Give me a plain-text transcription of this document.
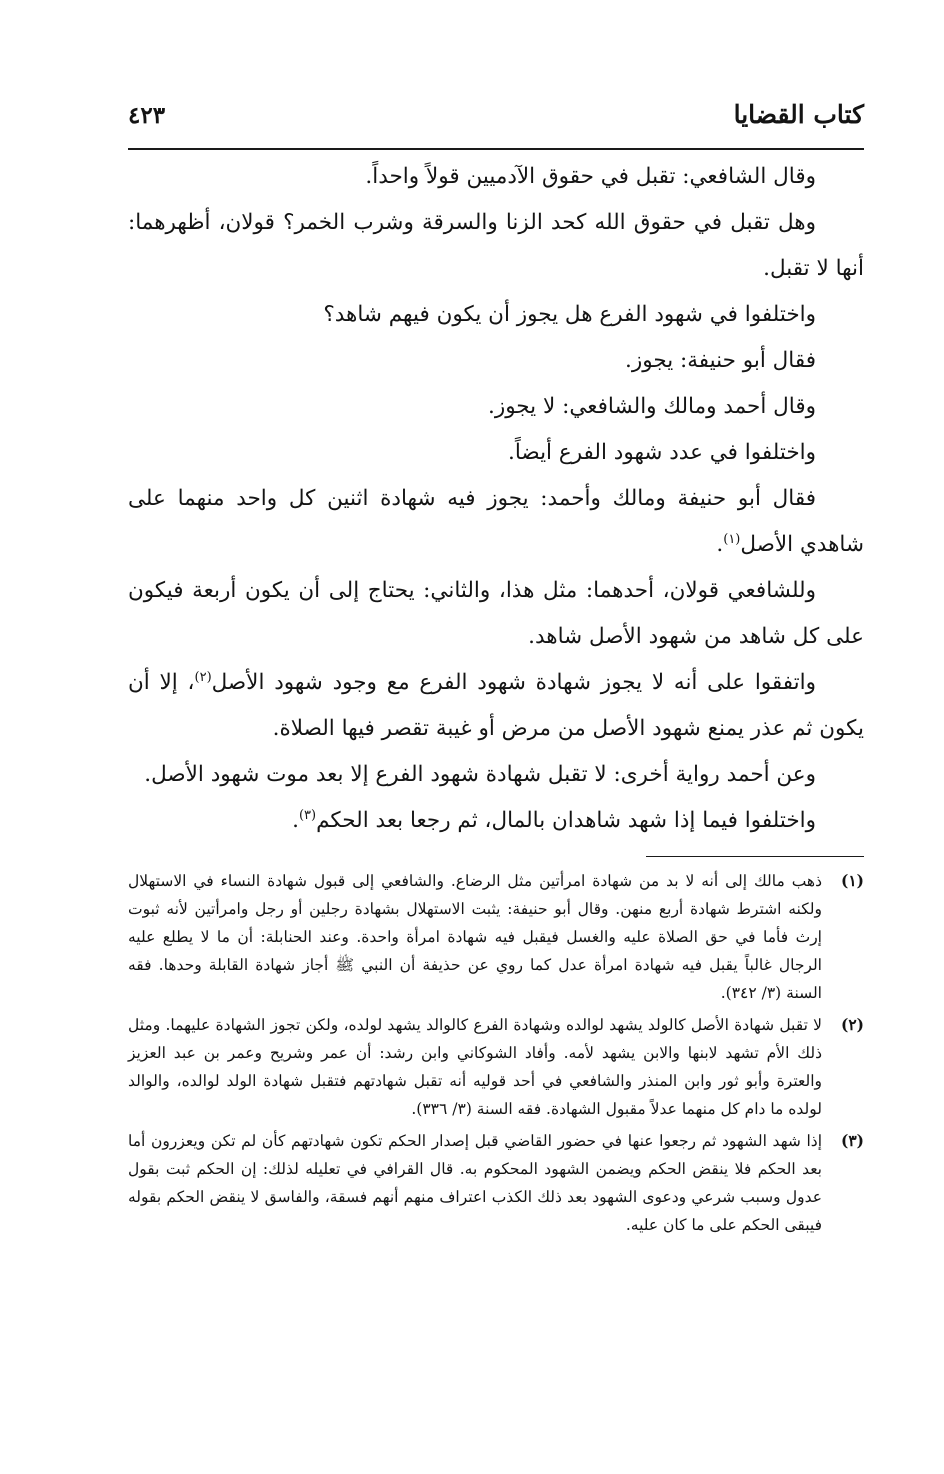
كتاب القضايا
٤٢٣

وقال الشافعي: تقبل في حقوق الآدميين قولاً واحداً.

وهل تقبل في حقوق الله كحد الزنا والسرقة وشرب الخمر؟ قولان، أظهرهما: أنها لا تقبل.

واختلفوا في شهود الفرع هل يجوز أن يكون فيهم شاهد؟

فقال أبو حنيفة: يجوز.

وقال أحمد ومالك والشافعي: لا يجوز.

واختلفوا في عدد شهود الفرع أيضاً.

فقال أبو حنيفة ومالك وأحمد: يجوز فيه شهادة اثنين كل واحد منهما على شاهدي الأصل$^{(١)}$.

وللشافعي قولان، أحدهما: مثل هذا، والثاني: يحتاج إلى أن يكون أربعة فيكون على كل شاهد من شهود الأصل شاهد.

واتفقوا على أنه لا يجوز شهادة شهود الفرع مع وجود شهود الأصل$^{(٢)}$، إلا أن يكون ثم عذر يمنع شهود الأصل من مرض أو غيبة تقصر فيها الصلاة.

وعن أحمد رواية أخرى: لا تقبل شهادة شهود الفرع إلا بعد موت شهود الأصل.

واختلفوا فيما إذا شهد شاهدان بالمال، ثم رجعا بعد الحكم$^{(٣)}$.

(١)
ذهب مالك إلى أنه لا بد من شهادة امرأتين مثل الرضاع. والشافعي إلى قبول شهادة النساء في الاستهلال ولكنه اشترط شهادة أربع منهن. وقال أبو حنيفة: يثبت الاستهلال بشهادة رجلين أو رجل وامرأتين لأنه ثبوت إرث فأما في حق الصلاة عليه والغسل فيقبل فيه شهادة امرأة واحدة. وعند الحنابلة: أن ما لا يطلع عليه الرجال غالباً يقبل فيه شهادة امرأة عدل كما روي عن حذيفة أن النبي ﷺ أجاز شهادة القابلة وحدها. فقه السنة (٣/ ٣٤٢).
(٢)
لا تقبل شهادة الأصل كالولد يشهد لوالده وشهادة الفرع كالوالد يشهد لولده، ولكن تجوز الشهادة عليهما. ومثل ذلك الأم تشهد لابنها والابن يشهد لأمه. وأفاد الشوكاني وابن رشد: أن عمر وشريح وعمر بن عبد العزيز والعترة وأبو ثور وابن المنذر والشافعي في أحد قوليه أنه تقبل شهادتهم فتقبل شهادة الولد لوالده، والوالد لولده ما دام كل منهما عدلاً مقبول الشهادة. فقه السنة (٣/ ٣٣٦).
(٣)
إذا شهد الشهود ثم رجعوا عنها في حضور القاضي قبل إصدار الحكم تكون شهادتهم كأن لم تكن ويعزرون أما بعد الحكم فلا ينقض الحكم ويضمن الشهود المحكوم به. قال القرافي في تعليله لذلك: إن الحكم ثبت بقول عدول وسبب شرعي ودعوى الشهود بعد ذلك الكذب اعتراف منهم أنهم فسقة، والفاسق لا ينقض الحكم بقوله فيبقى الحكم على ما كان عليه.
